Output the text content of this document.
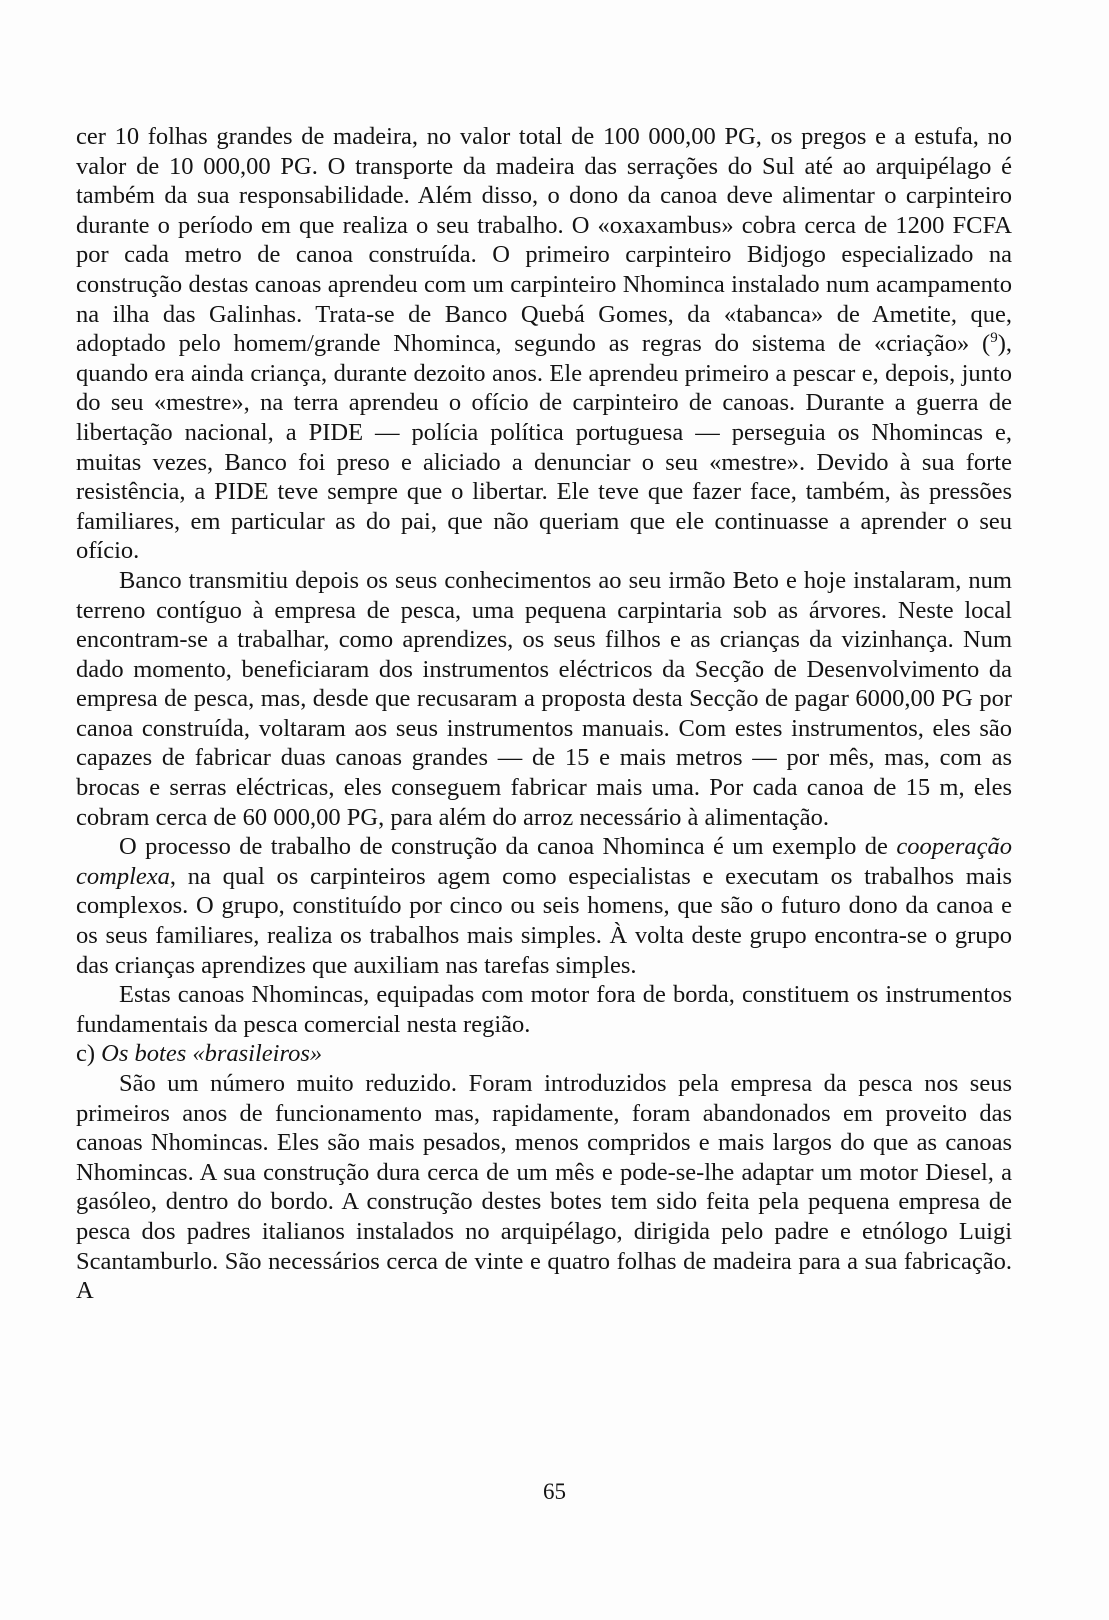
cer 10 folhas grandes de madeira, no valor total de 100 000,00 PG, os pregos e a estufa, no valor de 10 000,00 PG. O transporte da madeira das serrações do Sul até ao arquipélago é também da sua responsabilidade. Além disso, o dono da canoa deve alimentar o carpinteiro durante o período em que realiza o seu trabalho. O «oxaxambus» cobra cerca de 1200 FCFA por cada metro de canoa construída. O primeiro carpinteiro Bidjogo especializado na construção destas canoas aprendeu com um carpinteiro Nhominca instalado num acampamento na ilha das Galinhas. Trata-se de Banco Quebá Gomes, da «tabanca» de Ametite, que, adoptado pelo homem/grande Nhominca, segundo as regras do sistema de «criação» ($^9$), quando era ainda criança, durante dezoito anos. Ele aprendeu primeiro a pescar e, depois, junto do seu «mestre», na terra aprendeu o ofício de carpinteiro de canoas. Durante a guerra de libertação nacional, a PIDE — polícia política portuguesa — perseguia os Nhomincas e, muitas vezes, Banco foi preso e aliciado a denunciar o seu «mestre». Devido à sua forte resistência, a PIDE teve sempre que o libertar. Ele teve que fazer face, também, às pressões familiares, em particular as do pai, que não queriam que ele continuasse a aprender o seu ofício.

Banco transmitiu depois os seus conhecimentos ao seu irmão Beto e hoje instalaram, num terreno contíguo à empresa de pesca, uma pequena carpintaria sob as árvores. Neste local encontram-se a trabalhar, como aprendizes, os seus filhos e as crianças da vizinhança. Num dado momento, beneficiaram dos instrumentos eléctricos da Secção de Desenvolvimento da empresa de pesca, mas, desde que recusaram a proposta desta Secção de pagar 6000,00 PG por canoa construída, voltaram aos seus instrumentos manuais. Com estes instrumentos, eles são capazes de fabricar duas canoas grandes — de 15 e mais metros — por mês, mas, com as brocas e serras eléctricas, eles conseguem fabricar mais uma. Por cada canoa de 15 m, eles cobram cerca de 60 000,00 PG, para além do arroz necessário à alimentação.

O processo de trabalho de construção da canoa Nhominca é um exemplo de cooperação complexa, na qual os carpinteiros agem como especialistas e executam os trabalhos mais complexos. O grupo, constituído por cinco ou seis homens, que são o futuro dono da canoa e os seus familiares, realiza os trabalhos mais simples. À volta deste grupo encontra-se o grupo das crianças aprendizes que auxiliam nas tarefas simples.

Estas canoas Nhomincas, equipadas com motor fora de borda, constituem os instrumentos fundamentais da pesca comercial nesta região.

c) Os botes «brasileiros»

São um número muito reduzido. Foram introduzidos pela empresa da pesca nos seus primeiros anos de funcionamento mas, rapidamente, foram abandonados em proveito das canoas Nhomincas. Eles são mais pesados, menos compridos e mais largos do que as canoas Nhomincas. A sua construção dura cerca de um mês e pode-se-lhe adaptar um motor Diesel, a gasóleo, dentro do bordo. A construção destes botes tem sido feita pela pequena empresa de pesca dos padres italianos instalados no arquipélago, dirigida pelo padre e etnólogo Luigi Scantamburlo. São necessários cerca de vinte e quatro folhas de madeira para a sua fabricação. A

65
